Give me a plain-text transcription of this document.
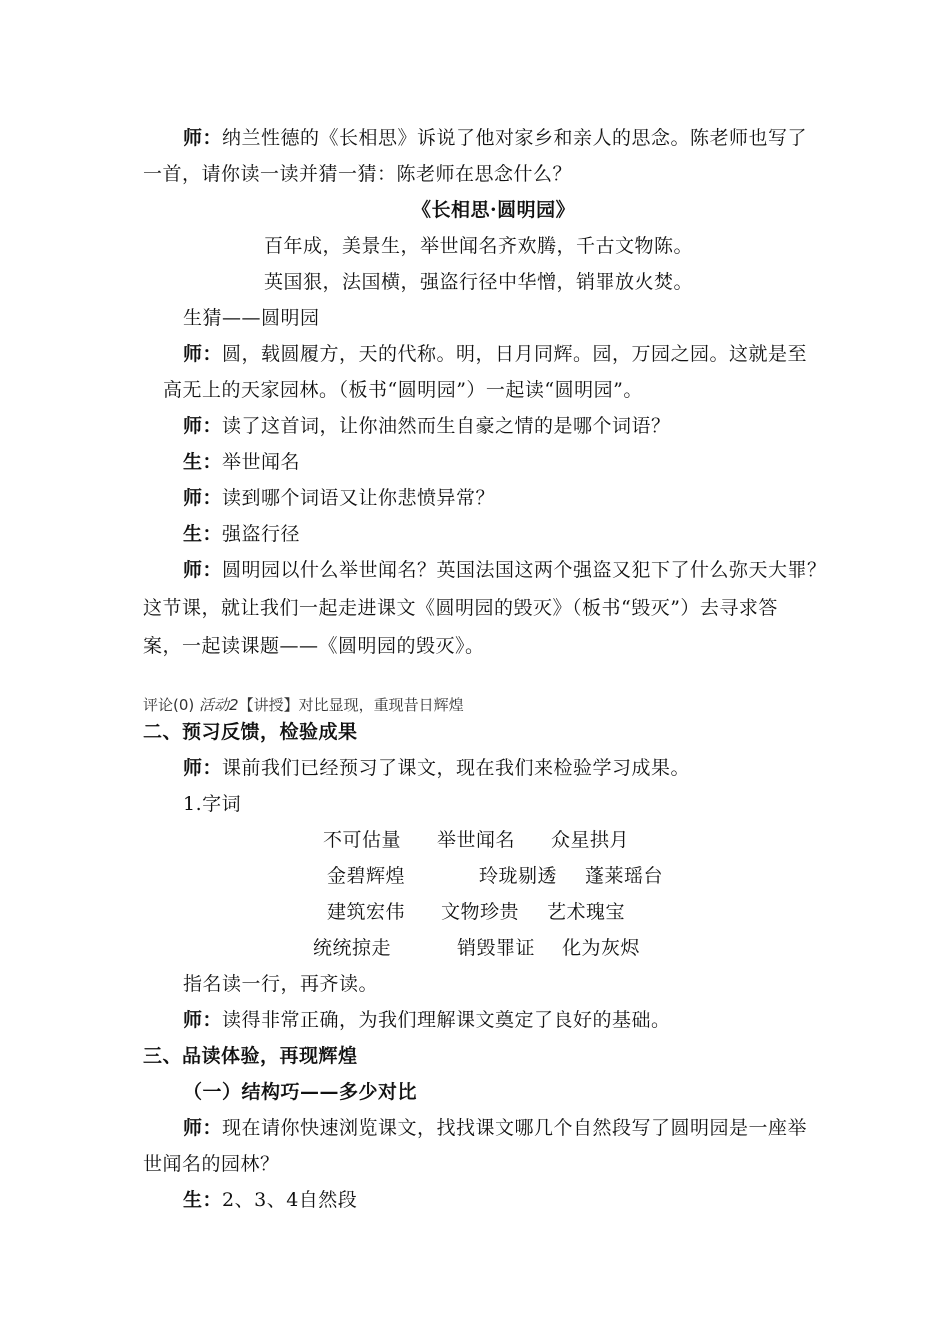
师：纳兰性德的《长相思》诉说了他对家乡和亲人的思念。陈老师也写了
一首，请你读一读并猜一猜：陈老师在思念什么？
《长相思·圆明园》
百年成，美景生，举世闻名齐欢腾，千古文物陈。
英国狠，法国横，强盗行径中华憎，销罪放火焚。
生猜——圆明园
师：圆，载圆履方，天的代称。明，日月同辉。园，万园之园。这就是至
高无上的天家园林。（板书“圆明园”）一起读“圆明园”。
师：读了这首词，让你油然而生自豪之情的是哪个词语？
生：举世闻名
师：读到哪个词语又让你悲愤异常？
生：强盗行径
师：圆明园以什么举世闻名？英国法国这两个强盗又犯下了什么弥天大罪？
这节课，就让我们一起走进课文《圆明园的毁灭》（板书“毁灭”）去寻求答
案，一起读课题——《圆明园的毁灭》。
评论(0) 活动2【讲授】对比显现，重现昔日辉煌
二、预习反馈，检验成果
师：课前我们已经预习了课文，现在我们来检验学习成果。
1.字词
不可估量 举世闻名 众星拱月
金碧辉煌	玲珑剔透 蓬莱瑶台
建筑宏伟 文物珍贵 艺术瑰宝
统统掠走	销毁罪证 化为灰烬
指名读一行，再齐读。
师：读得非常正确，为我们理解课文奠定了良好的基础。
三、品读体验，再现辉煌
（一）结构巧——多少对比
师：现在请你快速浏览课文，找找课文哪几个自然段写了圆明园是一座举
世闻名的园林？
生：2、3、4自然段
